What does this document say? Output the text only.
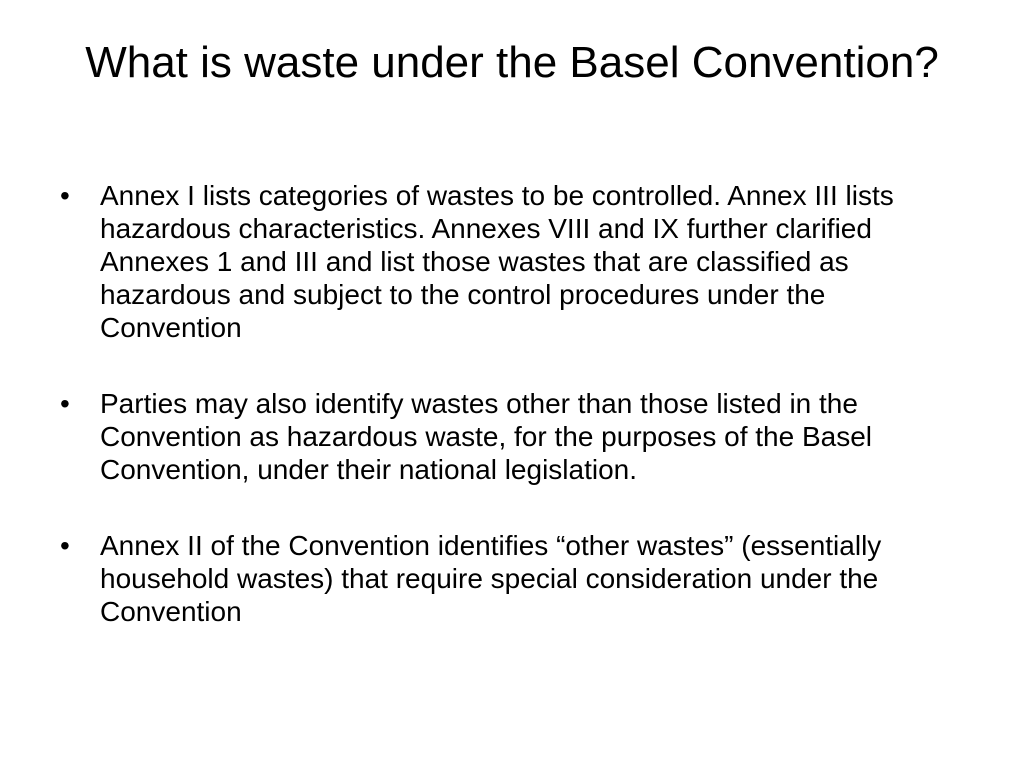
What is waste under the Basel Convention?
• Annex I lists categories of wastes to be controlled. Annex III lists hazardous characteristics. Annexes VIII and IX further clarified Annexes 1 and III and list those wastes that are classified as hazardous and subject to the control procedures under the Convention
• Parties may also identify wastes other than those listed in the Convention as hazardous waste, for the purposes of the Basel Convention, under their national legislation.
• Annex II of the Convention identifies “other wastes” (essentially household wastes) that require special consideration under the Convention
